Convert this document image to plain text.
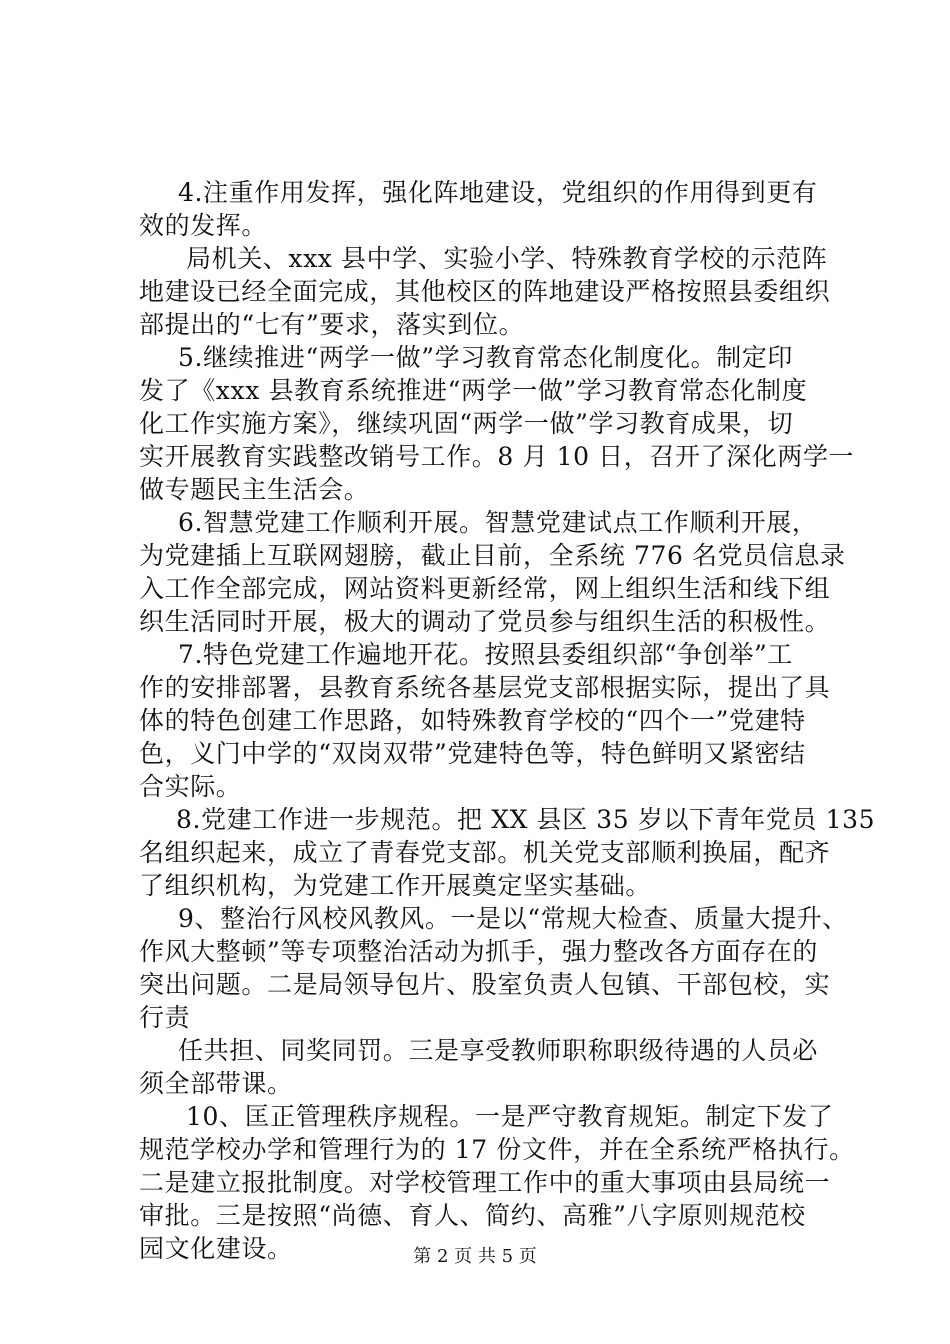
4.注重作用发挥，强化阵地建设，党组织的作用得到更有
效的发挥。
局机关、xxx 县中学、实验小学、特殊教育学校的示范阵
地建设已经全面完成，其他校区的阵地建设严格按照县委组织
部提出的“七有”要求，落实到位。
5.继续推进“两学一做”学习教育常态化制度化。制定印
发了《xxx 县教育系统推进“两学一做”学习教育常态化制度
化工作实施方案》，继续巩固“两学一做”学习教育成果，切
实开展教育实践整改销号工作。8 月 10 日，召开了深化两学一
做专题民主生活会。
6.智慧党建工作顺利开展。智慧党建试点工作顺利开展，
为党建插上互联网翅膀，截止目前，全系统 776 名党员信息录
入工作全部完成，网站资料更新经常，网上组织生活和线下组
织生活同时开展，极大的调动了党员参与组织生活的积极性。
7.特色党建工作遍地开花。按照县委组织部“争创举”工
作的安排部署，县教育系统各基层党支部根据实际，提出了具
体的特色创建工作思路，如特殊教育学校的“四个一”党建特
色，义门中学的“双岗双带”党建特色等，特色鲜明又紧密结
合实际。
8.党建工作进一步规范。把 XX 县区 35 岁以下青年党员 135
名组织起来，成立了青春党支部。机关党支部顺利换届，配齐
了组织机构，为党建工作开展奠定坚实基础。
9、整治行风校风教风。一是以“常规大检查、质量大提升、
作风大整顿”等专项整治活动为抓手，强力整改各方面存在的
突出问题。二是局领导包片、股室负责人包镇、干部包校，实
行责
任共担、同奖同罚。三是享受教师职称职级待遇的人员必
须全部带课。
10、匡正管理秩序规程。一是严守教育规矩。制定下发了
规范学校办学和管理行为的 17 份文件，并在全系统严格执行。
二是建立报批制度。对学校管理工作中的重大事项由县局统一
审批。三是按照“尚德、育人、简约、高雅”八字原则规范校
园文化建设。	第 2 页 共 5 页
